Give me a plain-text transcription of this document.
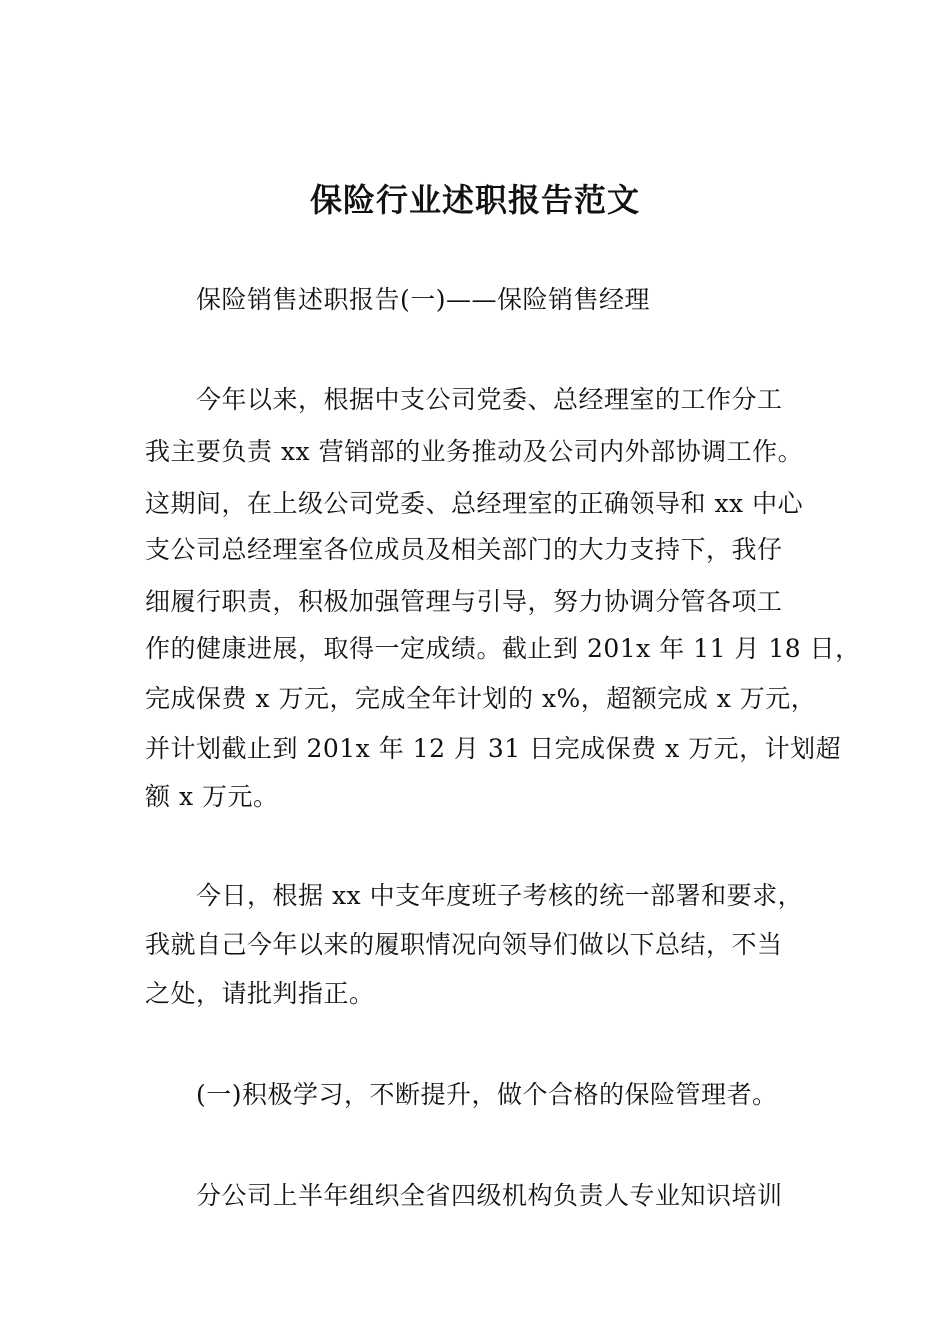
保险行业述职报告范文
保险销售述职报告(一)——保险销售经理
今年以来，根据中支公司党委、总经理室的工作分工
我主要负责 xx 营销部的业务推动及公司内外部协调工作。
这期间，在上级公司党委、总经理室的正确领导和 xx 中心
支公司总经理室各位成员及相关部门的大力支持下，我仔
细履行职责，积极加强管理与引导，努力协调分管各项工
作的健康进展，取得一定成绩。截止到 201x 年 11 月 18 日，
完成保费 x 万元，完成全年计划的 x%，超额完成 x 万元，
并计划截止到 201x 年 12 月 31 日完成保费 x 万元，计划超
额 x 万元。
今日，根据 xx 中支年度班子考核的统一部署和要求，
我就自己今年以来的履职情况向领导们做以下总结，不当
之处，请批判指正。
(一)积极学习，不断提升，做个合格的保险管理者。
分公司上半年组织全省四级机构负责人专业知识培训
